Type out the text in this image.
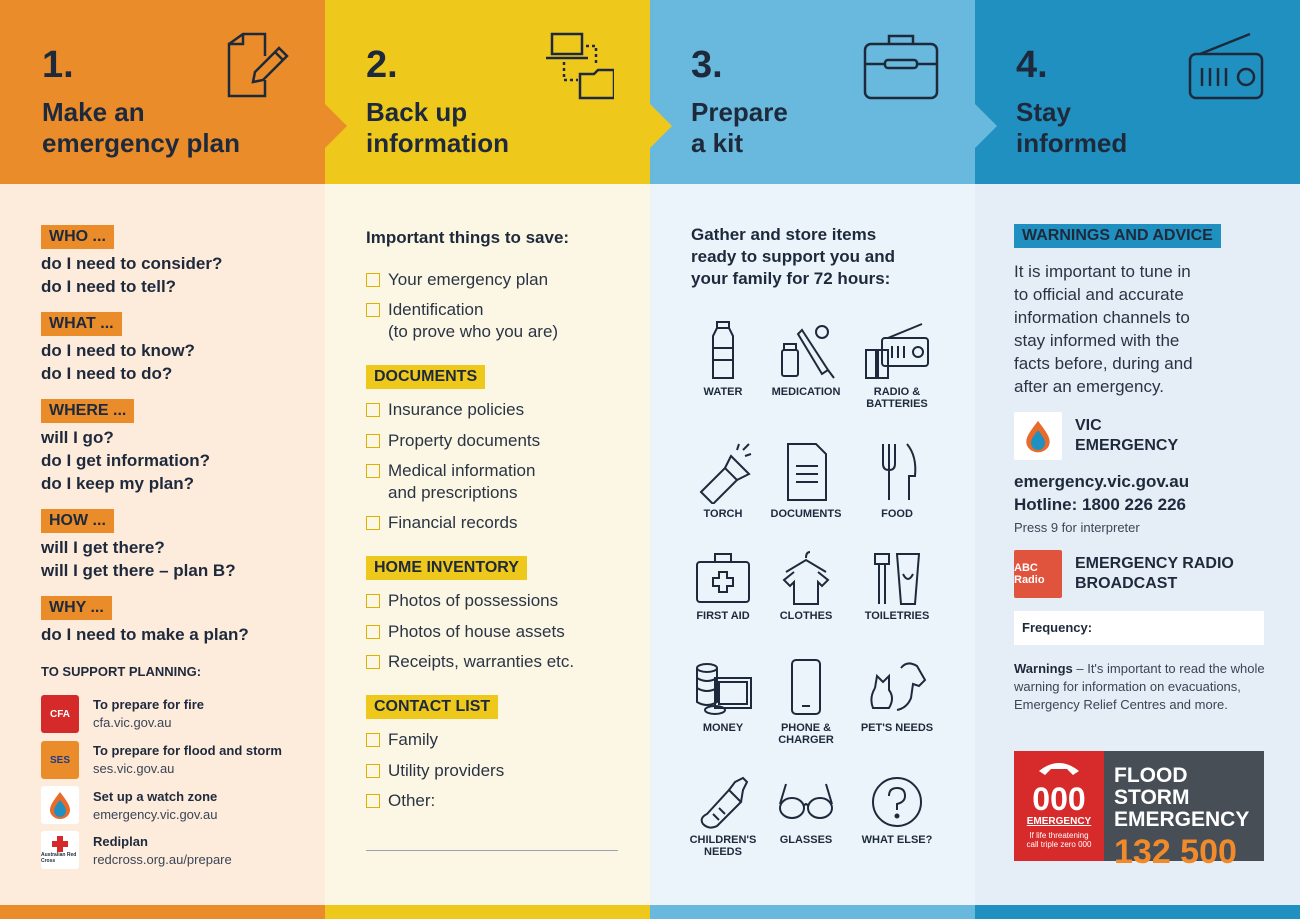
1.
Make an
emergency plan
2.
Back up
information
3.
Prepare
a kit
4.
Stay
informed
WHO ...
do I need to consider?
do I need to tell?
WHAT ...
do I need to know?
do I need to do?
WHERE ...
will I go?
do I get information?
do I keep my plan?
HOW ...
will I get there?
will I get there – plan B?
WHY ...
do I need to make a plan?
TO SUPPORT PLANNING:
CFA
To prepare for fire
cfa.vic.gov.au
SES
To prepare for flood and storm
ses.vic.gov.au
Set up a watch zone
emergency.vic.gov.au
Australian Red Cross
Rediplan
redcross.org.au/prepare
Important things to save:
Your emergency plan
Identification
(to prove who you are)
DOCUMENTS
Insurance policies
Property documents
Medical information
and prescriptions
Financial records
HOME INVENTORY
Photos of possessions
Photos of house assets
Receipts, warranties etc.
CONTACT LIST
Family
Utility providers
Other:
Gather and store items
ready to support you and
your family for 72 hours:
WATER	MEDICATION	RADIO &
BATTERIES
TORCH	DOCUMENTS	FOOD
FIRST AID	CLOTHES	TOILETRIES
MONEY	PHONE &
CHARGER
PET'S NEEDS
CHILDREN'S
NEEDS
GLASSES	WHAT ELSE?
WARNINGS AND ADVICE
It is important to tune in
to official and accurate
information channels to
stay informed with the
facts before, during and
after an emergency.
VIC
EMERGENCY
emergency.vic.gov.au
Hotline: 1800 226 226
Press 9 for interpreter
ABC Radio
EMERGENCY RADIO
BROADCAST
Frequency:
Warnings – It's important to read the whole warning for information on evacuations, Emergency Relief Centres and more.
000
EMERGENCY
If life threatening
call triple zero 000
FLOOD STORM
EMERGENCY
132 500
